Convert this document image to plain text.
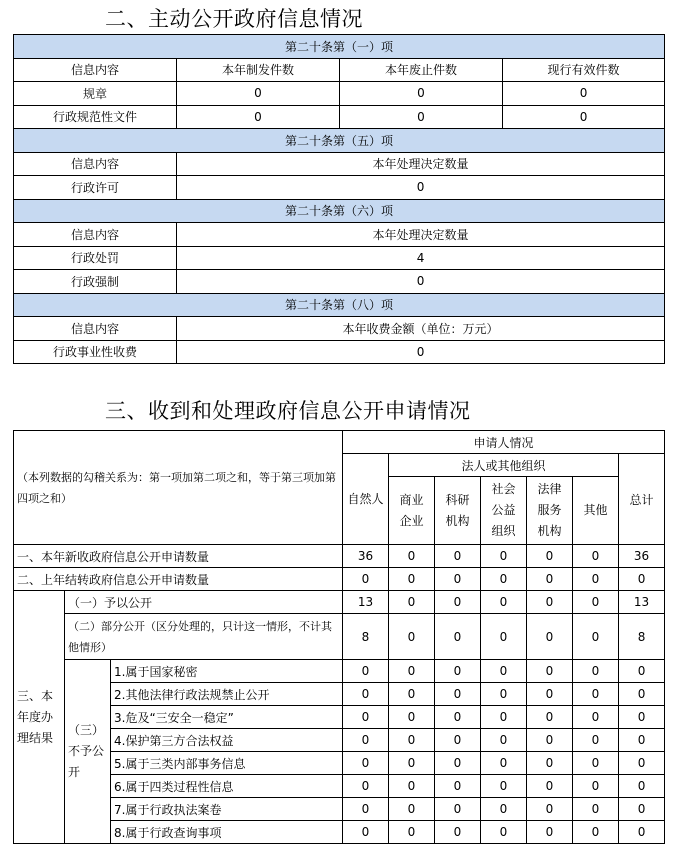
二、主动公开政府信息情况
第二十条第（一）项			
信息内容	本年制发件数	本年废止件数	现行有效件数
规章	0	0	0
行政规范性文件	0	0	0
第二十条第（五）项			
信息内容	本年处理决定数量		
行政许可	0		
第二十条第（六）项			
信息内容	本年处理决定数量		
行政处罚	4		
行政强制	0		
第二十条第（八）项			
信息内容	本年收费金额（单位：万元）		
行政事业性收费	0		
三、收到和处理政府信息公开申请情况
（本列数据的勾稽关系为：第一项加第二项之和，等于第三项加第四项之和）			申请人情况						
			自然人	法人或其他组织					总计
				商业企业	科研机构	社会公益组织	法律服务机构	其他	
一、本年新收政府信息公开申请数量			36	0	0	0	0	0	36
二、上年结转政府信息公开申请数量			0	0	0	0	0	0	0
三、本年度办理结果	（一）予以公开		13	0	0	0	0	0	13
	（二）部分公开（区分处理的，只计这一情形，不计其他情形）		8	0	0	0	0	0	8
	（三）不予公开	1.属于国家秘密	0	0	0	0	0	0	0
		2.其他法律行政法规禁止公开	0	0	0	0	0	0	0
		3.危及“三安全一稳定”	0	0	0	0	0	0	0
		4.保护第三方合法权益	0	0	0	0	0	0	0
		5.属于三类内部事务信息	0	0	0	0	0	0	0
		6.属于四类过程性信息	0	0	0	0	0	0	0
		7.属于行政执法案卷	0	0	0	0	0	0	0
		8.属于行政查询事项	0	0	0	0	0	0	0
